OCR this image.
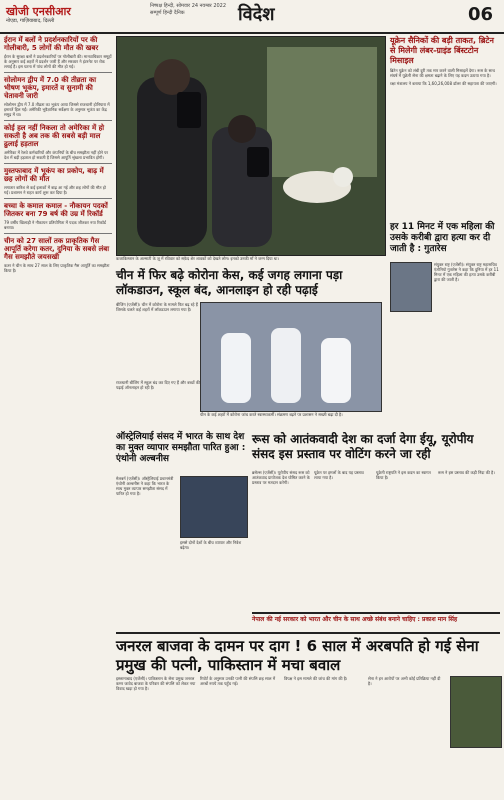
खोजी एनसीआर
नोएडा, गाज़ियाबाद, दिल्ली
निष्पक्ष हिन्दी, सोमवार 24 नवम्बर 2022
सम्पूर्ण हिन्दी दैनिक	विदेश	06
ईरान में बलों ने प्रदर्शनकारियों पर की गोलीबारी, 5 लोगों की मौत की खबर
ईरान के सुरक्षा बलों ने प्रदर्शनकारियों पर गोलीबारी की। मानवाधिकार समूहों के अनुसार कई शहरों में प्रदर्शन जारी हैं और सरकार ने इंटरनेट पर रोक लगाई है। इस घटना में पांच लोगों की मौत हो गई।
सोलोमन द्वीप में 7.0 की तीव्रता का भीषण भूकंप, इमारतें व सुनामी की चेतावनी जारी
सोलोमन द्वीप में 7.0 तीव्रता का भूकंप आया जिससे राजधानी होनियारा में इमारतें हिल गईं। अमेरिकी भूवैज्ञानिक सर्वेक्षण के अनुसार भूकंप का केंद्र समुद्र में था।
कोई हल नहीं निकला तो अमेरिका में हो सकती है अब तक की सबसे बड़ी माल ढुलाई हड़ताल
अमेरिका में रेलवे कर्मचारियों और कंपनियों के बीच समझौता नहीं होने पर देश में बड़ी हड़ताल हो सकती है जिससे आपूर्ति श्रृंखला प्रभावित होगी।
मुस्तफाबाद में भूकंप का प्रकोप, बाढ़ में छह लोगों की मौत
लगातार बारिश से कई इलाकों में बाढ़ आ गई और छह लोगों की मौत हो गई। प्रशासन ने राहत कार्य शुरू कर दिया है।
बच्चा के कमाल कमाल - नौकायन पदकों जितकर बना 79 बर्ष की उम्र में रिकॉर्ड
79 वर्षीय खिलाड़ी ने नौकायन प्रतियोगिता में पदक जीतकर नया रिकॉर्ड बनाया।
चीन को 27 सालों तक प्राकृतिक गैस आपूर्ति करेगा कतर, दुनिया के सबसे लंबा गैस समझौते जयसखी
कतर ने चीन के साथ 27 साल के लिए प्राकृतिक गैस आपूर्ति का समझौता किया है।
कजाकिस्तान के अल्माटी के ज़ू में रविवार को सफ़ेद शेर शावकों को देखते लोग। इनको उनकी माँ ने जन्म दिया था।
यूक्रेन सैनिकों की बड़ी ताकत, ब्रिटेन से मिलेगी लंबर-ग्राइंड बिंस्टटोन मिसाइल
ब्रिटेन यूक्रेन को लंबी दूरी तक मार करने वाली मिसाइलें देगा। रूस के साथ संघर्ष में यूक्रेनी सेना की क्षमता बढ़ाने के लिए यह कदम उठाया गया है।
रक्षा मंत्रालय ने बताया कि 1,60,26,008 डॉलर की सहायता की जाएगी।
चीन में फिर बढ़े कोरोना केस, कई जगह लगाना पड़ा लॉकडाउन, स्कूल बंद, आनलाइन हो रही पढ़ाई
बीजिंग (एजेंसी)। चीन में कोरोना के मामले फिर बढ़ रहे हैं जिसके चलते कई शहरों में लॉकडाउन लगाया गया है।
चीन के कई शहरों में कोरोना जांच करते स्वास्थ्यकर्मी। संक्रमण बढ़ने पर प्रशासन ने सख्ती बढ़ा दी है।
राजधानी बीजिंग में स्कूल बंद कर दिए गए हैं और बच्चों की पढ़ाई ऑनलाइन हो रही है।
हर 11 मिनट में एक महिला की उसके करीबी द्वारा हत्या कर दी जाती है : गुतारेस
संयुक्त राष्ट्र (एजेंसी)। संयुक्त राष्ट्र महासचिव एंतोनियो गुतारेस ने कहा कि दुनिया में हर 11 मिनट में एक महिला की हत्या उसके करीबी द्वारा की जाती है।
ऑस्ट्रेलियाई संसद में भारत के साथ देश का मुक्त व्यापार समझौता पारित हुआ : एंथोनी अल्बनीस
मेलबर्न (एजेंसी)। ऑस्ट्रेलियाई प्रधानमंत्री एंथोनी अल्बनीस ने कहा कि भारत के साथ मुक्त व्यापार समझौता संसद में पारित हो गया है।
इससे दोनों देशों के बीच व्यापार और निवेश बढ़ेगा।
रूस को आतंकवादी देश का दर्जा देगा ईयू, यूरोपीय संसद इस प्रस्ताव पर वोटिंग करने जा रही
ब्रसेल्स (एजेंसी)। यूरोपीय संसद रूस को आतंकवाद प्रायोजक देश घोषित करने के प्रस्ताव पर मतदान करेगी।
यूक्रेन पर हमलों के बाद यह प्रस्ताव लाया गया है।
यूक्रेनी राष्ट्रपति ने इस कदम का स्वागत किया है।
रूस ने इस प्रस्ताव की कड़ी निंदा की है।
नेपाल की नई सरकार को भारत और चीन के साथ अच्छे संबंध बनाने चाहिए : प्रकाश मान सिंह
जनरल बाजवा के दामन पर दाग ! 6 साल में अरबपति हो गई सेना प्रमुख की पत्नी, पाकिस्तान में मचा बवाल
इस्लामाबाद (एजेंसी)। पाकिस्तान के सेना प्रमुख जनरल कमर जावेद बाजवा के परिवार की संपत्ति को लेकर नया विवाद खड़ा हो गया है।
रिपोर्ट के अनुसार उनकी पत्नी की संपत्ति छह साल में अरबों रुपये तक पहुँच गई।
विपक्ष ने इस मामले की जांच की मांग की है।	सेना ने इन आरोपों पर अभी कोई प्रतिक्रिया नहीं दी है।
